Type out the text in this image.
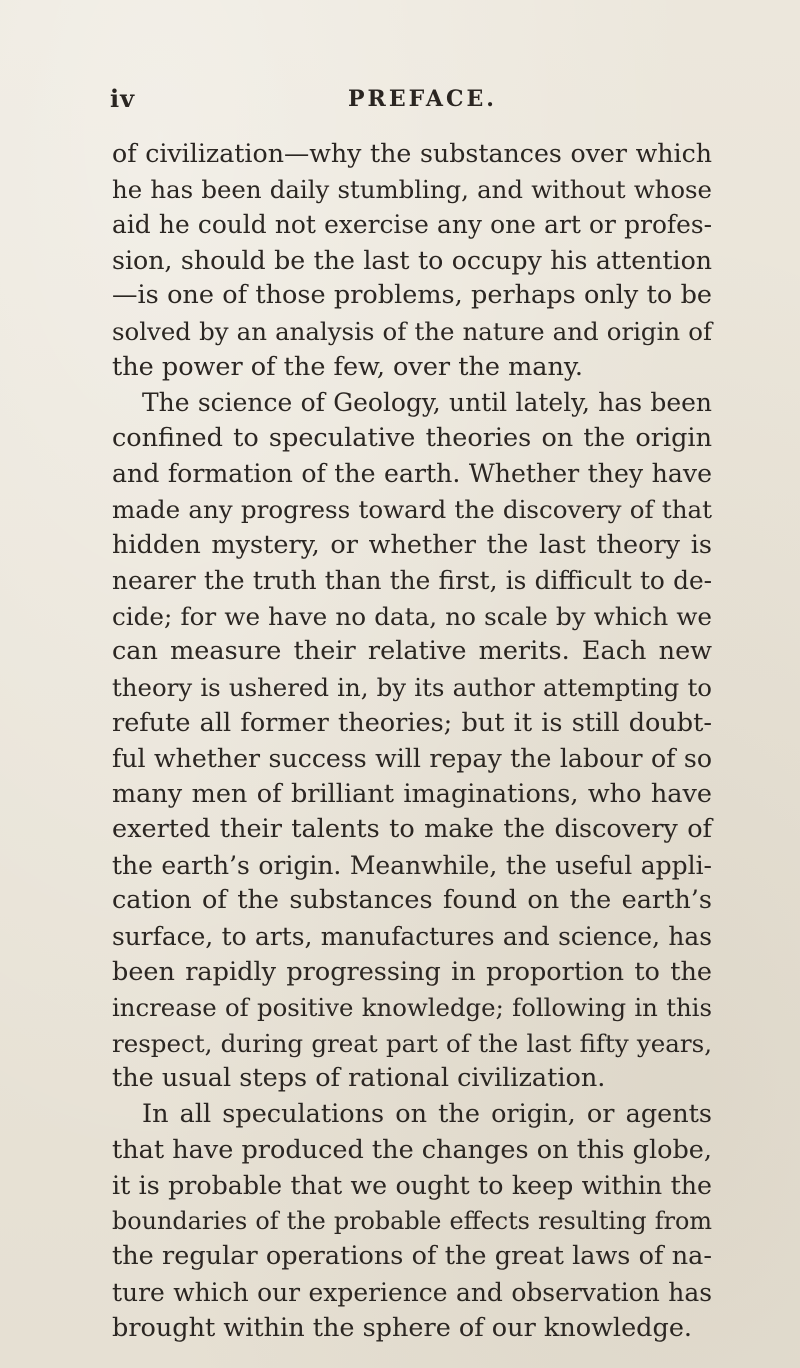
iv	PREFACE.
of civilization—why the substances over which
he has been daily stumbling, and without whose
aid he could not exercise any one art or profes-
sion, should be the last to occupy his attention
—is one of those problems, perhaps only to be
solved by an analysis of the nature and origin of
the power of the few, over the many.
The science of Geology, until lately, has been
confined to speculative theories on the origin
and formation of the earth. Whether they have
made any progress toward the discovery of that
hidden mystery, or whether the last theory is
nearer the truth than the first, is difficult to de-
cide; for we have no data, no scale by which we
can measure their relative merits. Each new
theory is ushered in, by its author attempting to
refute all former theories; but it is still doubt-
ful whether success will repay the labour of so
many men of brilliant imaginations, who have
exerted their talents to make the discovery of
the earth’s origin. Meanwhile, the useful appli-
cation of the substances found on the earth’s
surface, to arts, manufactures and science, has
been rapidly progressing in proportion to the
increase of positive knowledge; following in this
respect, during great part of the last fifty years,
the usual steps of rational civilization.
In all speculations on the origin, or agents
that have produced the changes on this globe,
it is probable that we ought to keep within the
boundaries of the probable effects resulting from
the regular operations of the great laws of na-
ture which our experience and observation has
brought within the sphere of our knowledge.
